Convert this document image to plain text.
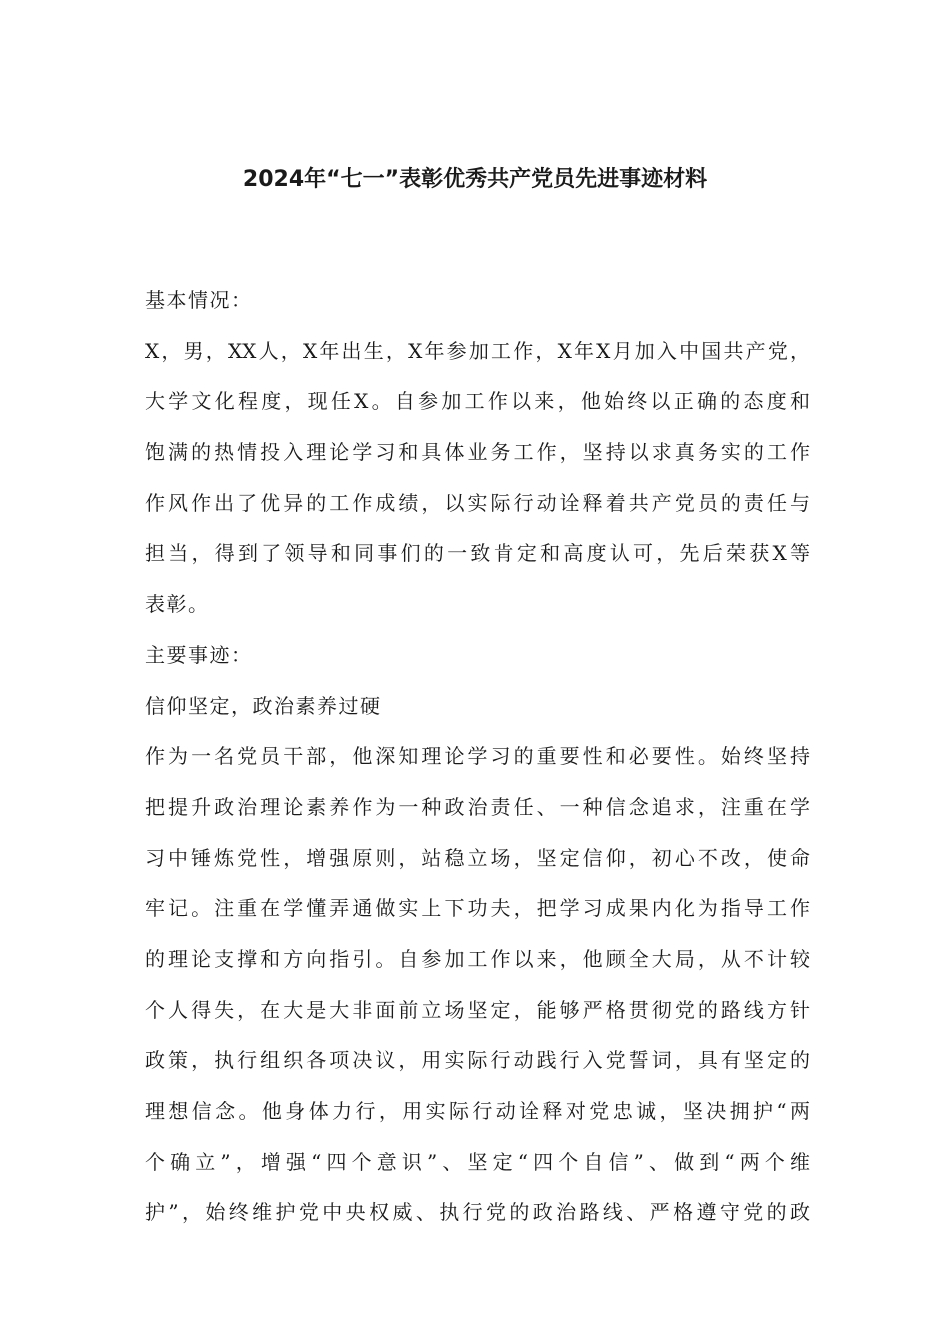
2024年“七一”表彰优秀共产党员先进事迹材料
基本情况：
X，男，XX人，X年出生，X年参加工作，X年X月加入中国共产党，
大学文化程度，现任X。自参加工作以来，他始终以正确的态度和
饱满的热情投入理论学习和具体业务工作，坚持以求真务实的工作
作风作出了优异的工作成绩，以实际行动诠释着共产党员的责任与
担当，得到了领导和同事们的一致肯定和高度认可，先后荣获X等
表彰。
主要事迹：
信仰坚定，政治素养过硬
作为一名党员干部，他深知理论学习的重要性和必要性。始终坚持
把提升政治理论素养作为一种政治责任、一种信念追求，注重在学
习中锤炼党性，增强原则，站稳立场，坚定信仰，初心不改，使命
牢记。注重在学懂弄通做实上下功夫，把学习成果内化为指导工作
的理论支撑和方向指引。自参加工作以来，他顾全大局，从不计较
个人得失，在大是大非面前立场坚定，能够严格贯彻党的路线方针
政策，执行组织各项决议，用实际行动践行入党誓词，具有坚定的
理想信念。他身体力行，用实际行动诠释对党忠诚，坚决拥护“两
个确立”，增强“四个意识”、坚定“四个自信”、做到“两个维
护”，始终维护党中央权威、执行党的政治路线、严格遵守党的政
